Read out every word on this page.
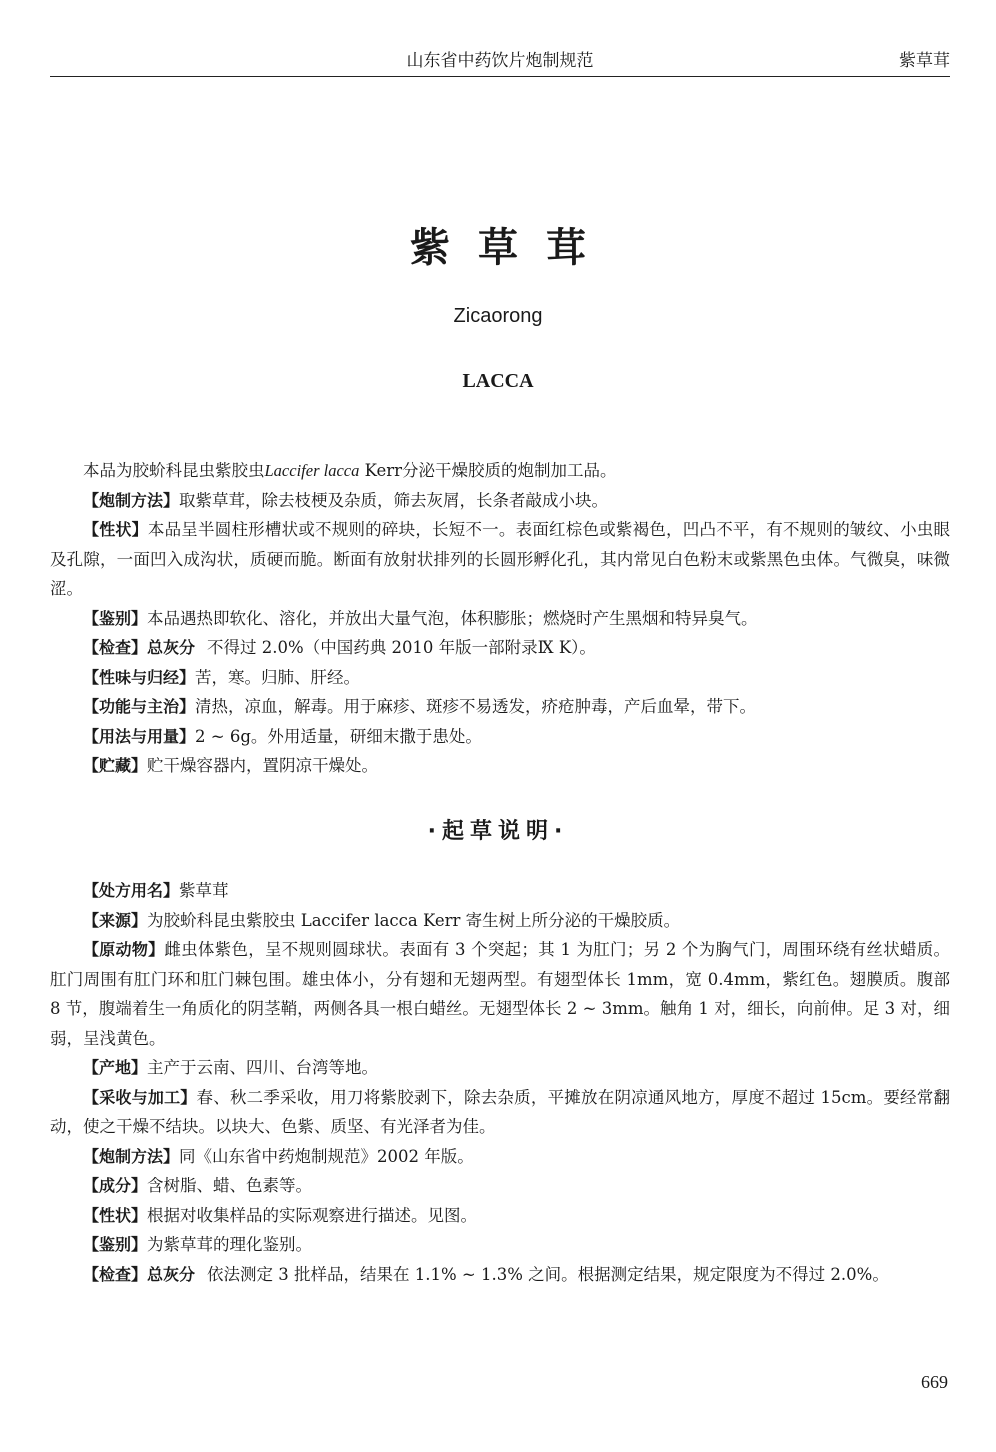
山东省中药饮片炮制规范	紫草茸
紫草茸
Zicaorong
LACCA

本品为胶蚧科昆虫紫胶虫Laccifer lacca Kerr分泌干燥胶质的炮制加工品。

【炮制方法】取紫草茸，除去枝梗及杂质，筛去灰屑，长条者敲成小块。

【性状】本品呈半圆柱形槽状或不规则的碎块，长短不一。表面红棕色或紫褐色，凹凸不平，有不规则的皱纹、小虫眼及孔隙，一面凹入成沟状，质硬而脆。断面有放射状排列的长圆形孵化孔，其内常见白色粉末或紫黑色虫体。气微臭，味微涩。

【鉴别】本品遇热即软化、溶化，并放出大量气泡，体积膨胀；燃烧时产生黑烟和特异臭气。

【检查】总灰分 不得过 2.0%（中国药典 2010 年版一部附录Ⅸ K）。

【性味与归经】苦，寒。归肺、肝经。

【功能与主治】清热，凉血，解毒。用于麻疹、斑疹不易透发，疥疮肿毒，产后血晕，带下。

【用法与用量】2 ~ 6g。外用适量，研细末撒于患处。

【贮藏】贮干燥容器内，置阴凉干燥处。

·起草说明·

【处方用名】紫草茸

【来源】为胶蚧科昆虫紫胶虫 Laccifer lacca Kerr 寄生树上所分泌的干燥胶质。

【原动物】雌虫体紫色，呈不规则圆球状。表面有 3 个突起；其 1 为肛门；另 2 个为胸气门，周围环绕有丝状蜡质。肛门周围有肛门环和肛门棘包围。雄虫体小，分有翅和无翅两型。有翅型体长 1mm，宽 0.4mm，紫红色。翅膜质。腹部 8 节，腹端着生一角质化的阴茎鞘，两侧各具一根白蜡丝。无翅型体长 2 ~ 3mm。触角 1 对，细长，向前伸。足 3 对，细弱，呈浅黄色。

【产地】主产于云南、四川、台湾等地。

【采收与加工】春、秋二季采收，用刀将紫胶剥下，除去杂质，平摊放在阴凉通风地方，厚度不超过 15cm。要经常翻动，使之干燥不结块。以块大、色紫、质坚、有光泽者为佳。

【炮制方法】同《山东省中药炮制规范》2002 年版。

【成分】含树脂、蜡、色素等。

【性状】根据对收集样品的实际观察进行描述。见图。

【鉴别】为紫草茸的理化鉴别。

【检查】总灰分 依法测定 3 批样品，结果在 1.1% ~ 1.3% 之间。根据测定结果，规定限度为不得过 2.0%。

669
